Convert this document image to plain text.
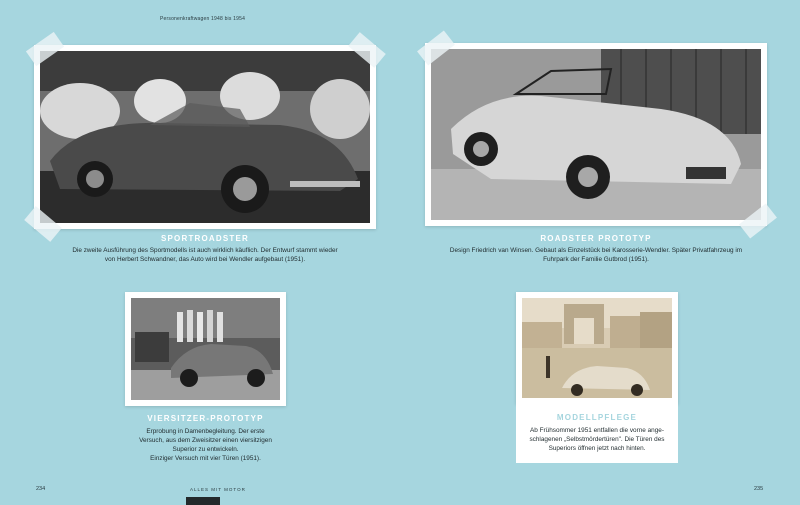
Personenkraftwagen 1948 bis 1954
SPORTROADSTER
Die zweite Ausführung des Sportmodells ist auch wirklich käuflich. Der Entwurf stammt wieder
von Herbert Schwandner, das Auto wird bei Wendler aufgebaut (1951).
ROADSTER PROTOTYP
Design Friedrich van Winsen. Gebaut als Einzelstück bei Karosserie-Wendler. Später Privatfahrzeug im
Fuhrpark der Familie Gutbrod (1951).
VIERSITZER-PROTOTYP
Erprobung in Damenbegleitung. Der erste
Versuch, aus dem Zweisitzer einen viersitzigen
Superior zu entwickeln.
Einziger Versuch mit vier Türen (1951).
MODELLPFLEGE
Ab Frühsommer 1951 entfallen die vorne ange-
schlagenen „Selbstmördertüren". Die Türen des
Superiors öffnen jetzt nach hinten.
234	ALLES MIT MOTOR	235
